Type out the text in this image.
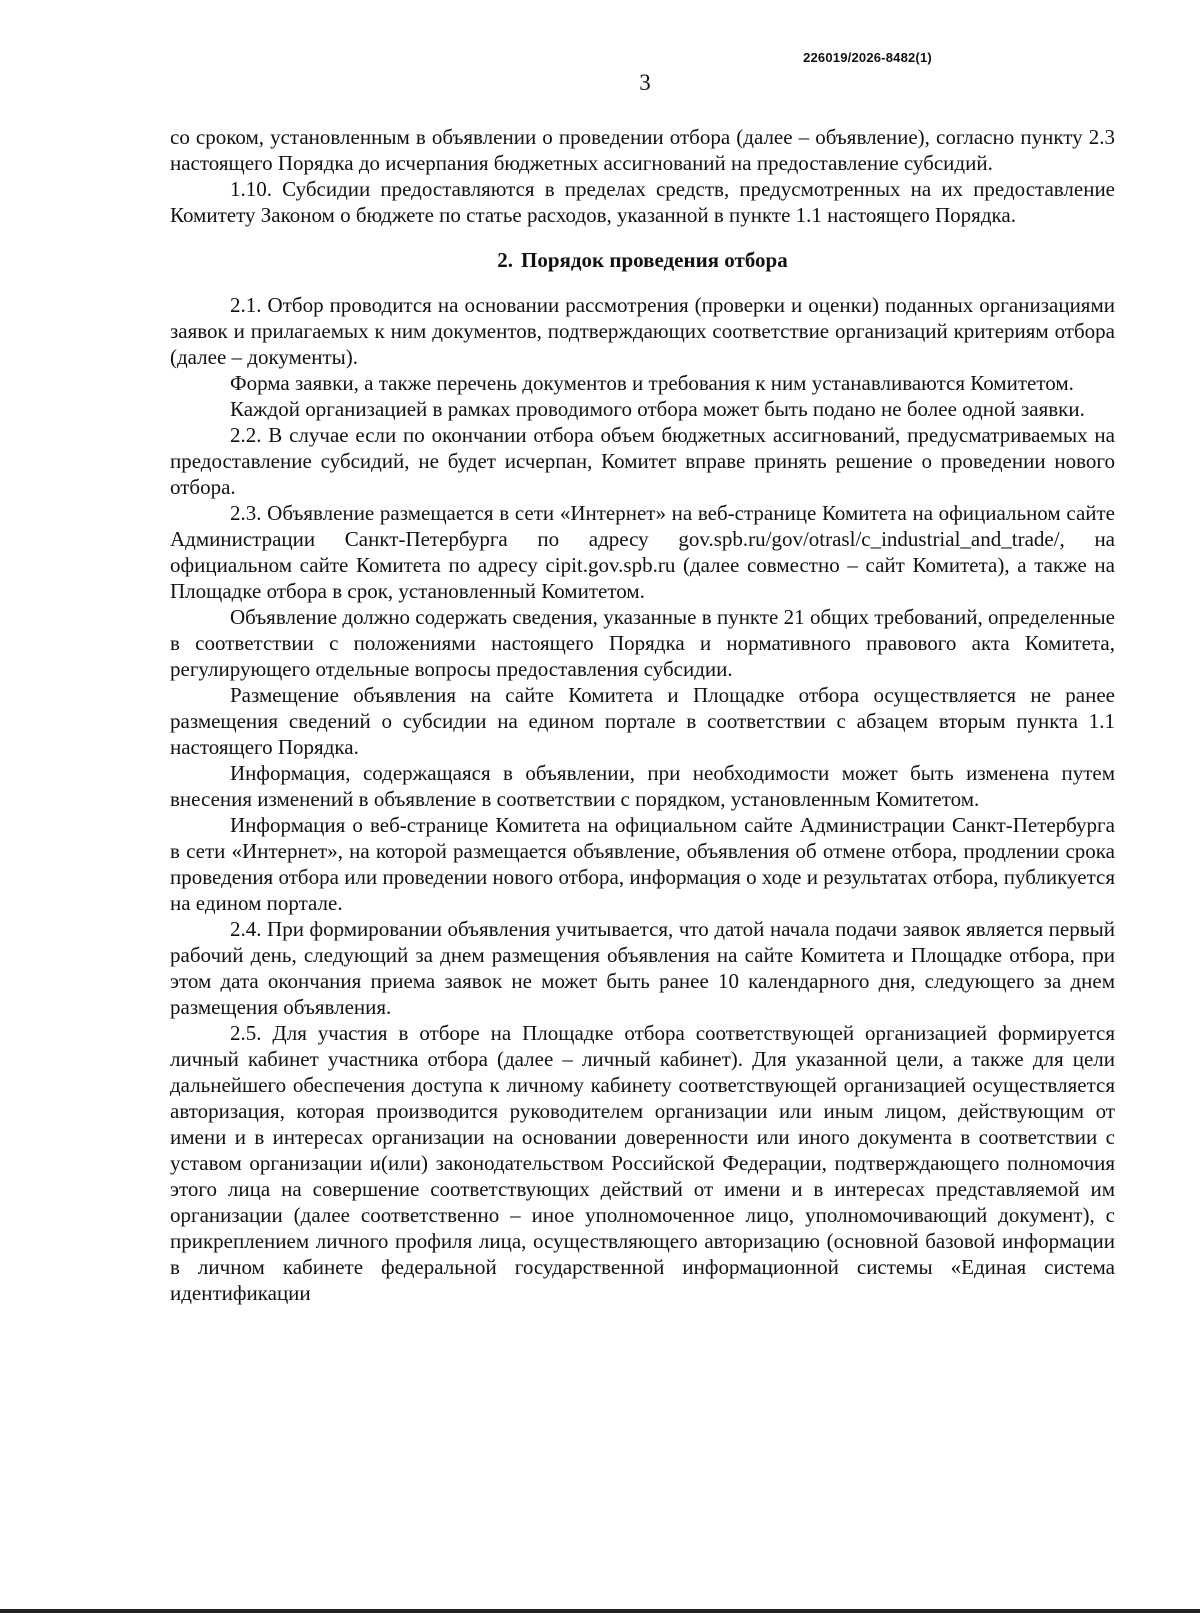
226019/2026-8482(1)
3

со сроком, установленным в объявлении о проведении отбора (далее – объявление), согласно пункту 2.3 настоящего Порядка до исчерпания бюджетных ассигнований на предоставление субсидий.

1.10. Субсидии предоставляются в пределах средств, предусмотренных на их предоставление Комитету Законом о бюджете по статье расходов, указанной в пункте 1.1 настоящего Порядка.

2. Порядок проведения отбора

2.1. Отбор проводится на основании рассмотрения (проверки и оценки) поданных организациями заявок и прилагаемых к ним документов, подтверждающих соответствие организаций критериям отбора (далее – документы).

Форма заявки, а также перечень документов и требования к ним устанавливаются Комитетом.

Каждой организацией в рамках проводимого отбора может быть подано не более одной заявки.

2.2. В случае если по окончании отбора объем бюджетных ассигнований, предусматриваемых на предоставление субсидий, не будет исчерпан, Комитет вправе принять решение о проведении нового отбора.

2.3. Объявление размещается в сети «Интернет» на веб-странице Комитета на официальном сайте Администрации Санкт-Петербурга по адресу gov.spb.ru/gov/otrasl/c_industrial_and_trade/, на официальном сайте Комитета по адресу cipit.gov.spb.ru (далее совместно – сайт Комитета), а также на Площадке отбора в срок, установленный Комитетом.

Объявление должно содержать сведения, указанные в пункте 21 общих требований, определенные в соответствии с положениями настоящего Порядка и нормативного правового акта Комитета, регулирующего отдельные вопросы предоставления субсидии.

Размещение объявления на сайте Комитета и Площадке отбора осуществляется не ранее размещения сведений о субсидии на едином портале в соответствии с абзацем вторым пункта 1.1 настоящего Порядка.

Информация, содержащаяся в объявлении, при необходимости может быть изменена путем внесения изменений в объявление в соответствии с порядком, установленным Комитетом.

Информация о веб-странице Комитета на официальном сайте Администрации Санкт-Петербурга в сети «Интернет», на которой размещается объявление, объявления об отмене отбора, продлении срока проведения отбора или проведении нового отбора, информация о ходе и результатах отбора, публикуется на едином портале.

2.4. При формировании объявления учитывается, что датой начала подачи заявок является первый рабочий день, следующий за днем размещения объявления на сайте Комитета и Площадке отбора, при этом дата окончания приема заявок не может быть ранее 10 календарного дня, следующего за днем размещения объявления.

2.5. Для участия в отборе на Площадке отбора соответствующей организацией формируется личный кабинет участника отбора (далее – личный кабинет). Для указанной цели, а также для цели дальнейшего обеспечения доступа к личному кабинету соответствующей организацией осуществляется авторизация, которая производится руководителем организации или иным лицом, действующим от имени и в интересах организации на основании доверенности или иного документа в соответствии с уставом организации и(или) законодательством Российской Федерации, подтверждающего полномочия этого лица на совершение соответствующих действий от имени и в интересах представляемой им организации (далее соответственно – иное уполномоченное лицо, уполномочивающий документ), с прикреплением личного профиля лица, осуществляющего авторизацию (основной базовой информации в личном кабинете федеральной государственной информационной системы «Единая система идентификации
